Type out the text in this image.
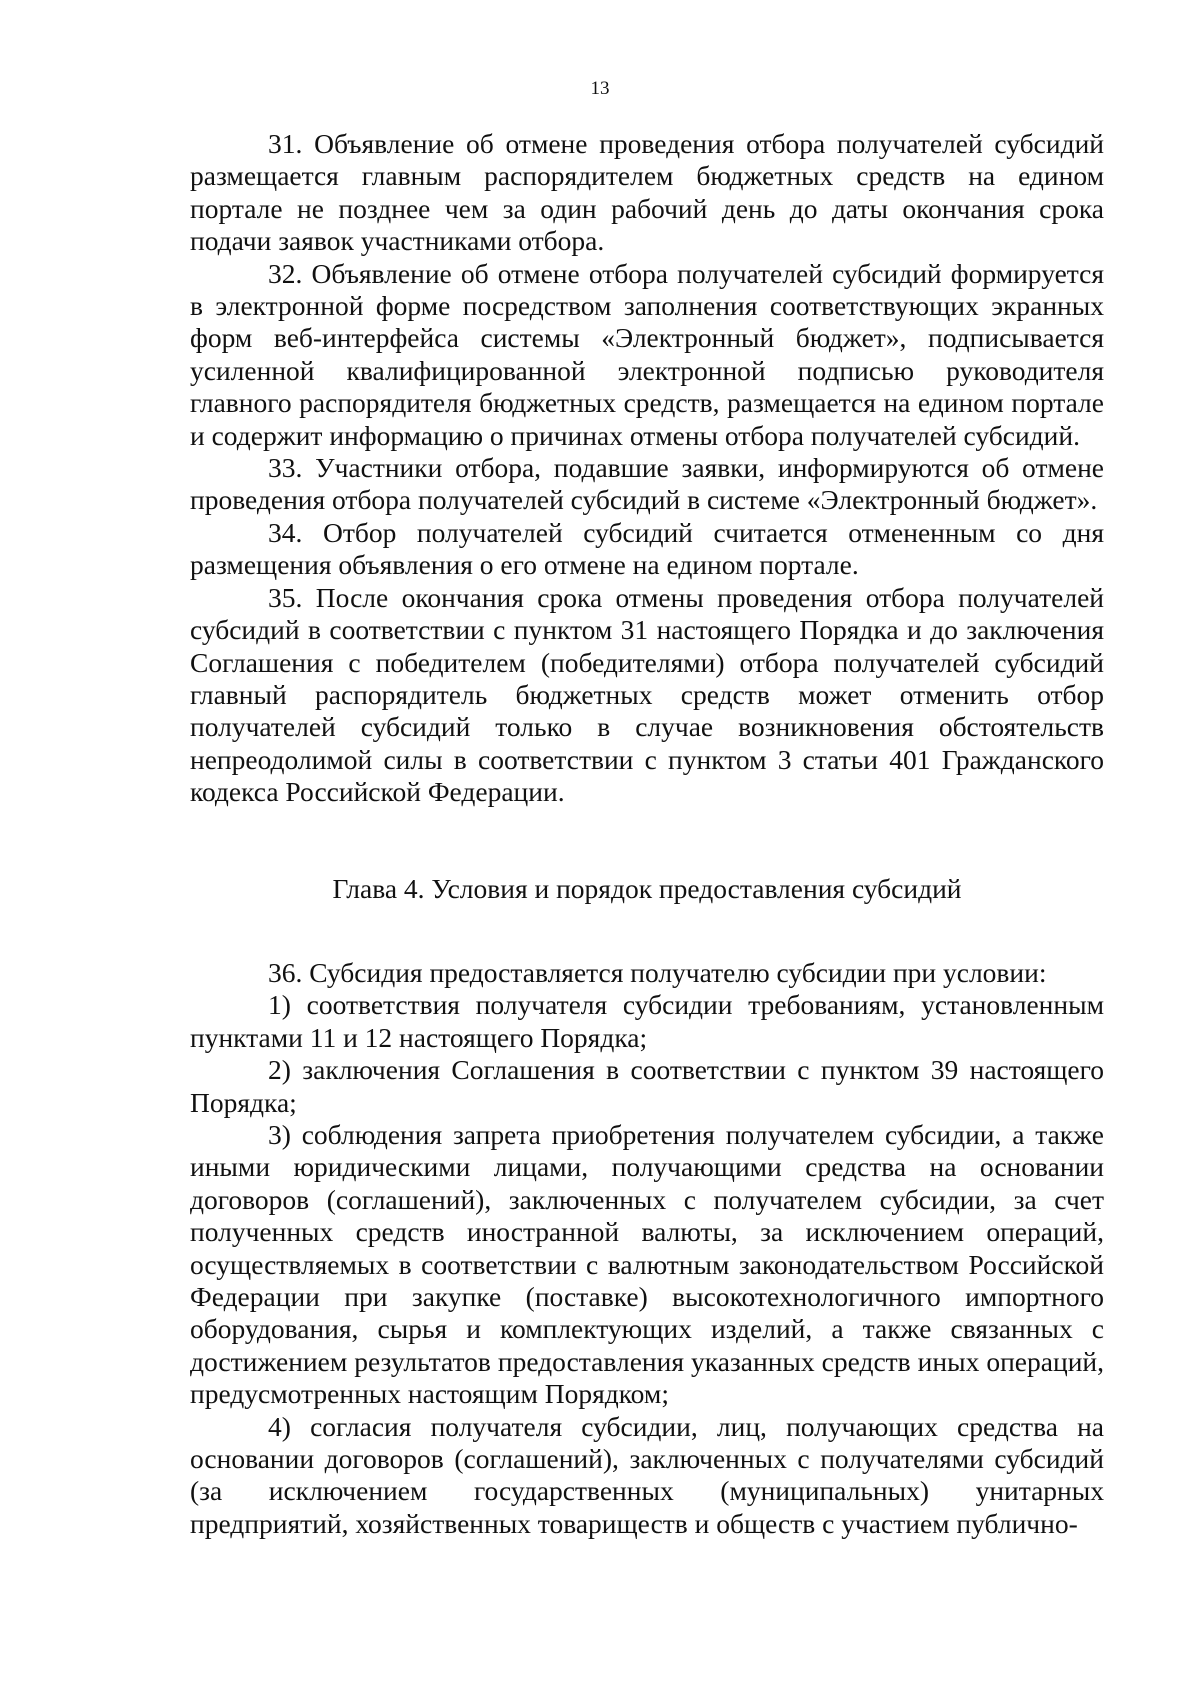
13

31. Объявление об отмене проведения отбора получателей субсидий размещается главным распорядителем бюджетных средств на едином портале не позднее чем за один рабочий день до даты окончания срока подачи заявок участниками отбора.

32. Объявление об отмене отбора получателей субсидий формируется в электронной форме посредством заполнения соответствующих экранных форм веб-интерфейса системы «Электронный бюджет», подписывается усиленной квалифицированной электронной подписью руководителя главного распорядителя бюджетных средств, размещается на едином портале и содержит информацию о причинах отмены отбора получателей субсидий.

33. Участники отбора, подавшие заявки, информируются об отмене проведения отбора получателей субсидий в системе «Электронный бюджет».

34. Отбор получателей субсидий считается отмененным со дня размещения объявления о его отмене на едином портале.

35. После окончания срока отмены проведения отбора получателей субсидий в соответствии с пунктом 31 настоящего Порядка и до заключения Соглашения с победителем (победителями) отбора получателей субсидий главный распорядитель бюджетных средств может отменить отбор получателей субсидий только в случае возникновения обстоятельств непреодолимой силы в соответствии с пунктом 3 статьи 401 Гражданского кодекса Российской Федерации.

Глава 4. Условия и порядок предоставления субсидий

36. Субсидия предоставляется получателю субсидии при условии:

1) соответствия получателя субсидии требованиям, установленным пунктами 11 и 12 настоящего Порядка;

2) заключения Соглашения в соответствии с пунктом 39 настоящего Порядка;

3) соблюдения запрета приобретения получателем субсидии, а также иными юридическими лицами, получающими средства на основании договоров (соглашений), заключенных с получателем субсидии, за счет полученных средств иностранной валюты, за исключением операций, осуществляемых в соответствии с валютным законодательством Российской Федерации при закупке (поставке) высокотехнологичного импортного оборудования, сырья и комплектующих изделий, а также связанных с достижением результатов предоставления указанных средств иных операций, предусмотренных настоящим Порядком;

4) согласия получателя субсидии, лиц, получающих средства на основании договоров (соглашений), заключенных с получателями субсидий (за исключением государственных (муниципальных) унитарных предприятий, хозяйственных товариществ и обществ с участием публично-
